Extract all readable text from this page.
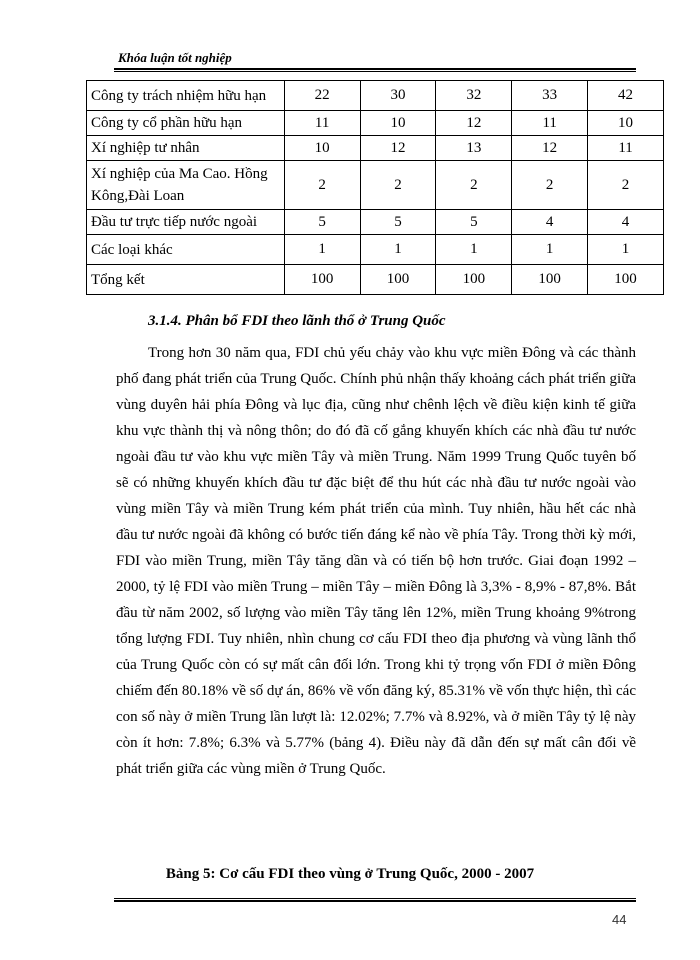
Khóa luận tốt nghiệp
Công ty trách nhiệm hữu hạn	22	30	32	33	42
Công ty cổ phần hữu hạn	11	10	12	11	10
Xí nghiệp tư nhân	10	12	13	12	11
Xí nghiệp của Ma Cao. Hồng Kông,Đài Loan	2	2	2	2	2
Đầu tư trực tiếp nước ngoài	5	5	5	4	4
Các loại khác	1	1	1	1	1
Tổng kết	100	100	100	100	100
3.1.4. Phân bổ FDI theo lãnh thổ ở Trung Quốc

Trong hơn 30 năm qua, FDI chủ yếu chảy vào khu vực miền Đông và các thành phố đang phát triển của Trung Quốc. Chính phủ nhận thấy khoảng cách phát triển giữa vùng duyên hải phía Đông và lục địa, cũng như chênh lệch về điều kiện kinh tế giữa khu vực thành thị và nông thôn; do đó đã cố gắng khuyến khích các nhà đầu tư nước ngoài đầu tư vào khu vực miền Tây và miền Trung. Năm 1999 Trung Quốc tuyên bố sẽ có những khuyến khích đầu tư đặc biệt để thu hút các nhà đầu tư nước ngoài vào vùng miền Tây và miền Trung kém phát triển của mình. Tuy nhiên, hầu hết các nhà đầu tư nước ngoài đã không có bước tiến đáng kể nào về phía Tây. Trong thời kỳ mới, FDI vào miền Trung, miền Tây tăng dần và có tiến bộ hơn trước. Giai đoạn 1992 – 2000, tỷ lệ FDI vào miền Trung – miền Tây – miền Đông là 3,3% - 8,9% - 87,8%. Bắt đầu từ năm 2002, số lượng vào miền Tây tăng lên 12%, miền Trung khoảng 9%trong tổng lượng FDI. Tuy nhiên, nhìn chung cơ cấu FDI theo địa phương và vùng lãnh thổ của Trung Quốc còn có sự mất cân đối lớn. Trong khi tỷ trọng vốn FDI ở miền Đông chiếm đến 80.18% về số dự án, 86% về vốn đăng ký, 85.31% về vốn thực hiện, thì các con số này ở miền Trung lần lượt là: 12.02%; 7.7% và 8.92%, và ở miền Tây tỷ lệ này còn ít hơn: 7.8%; 6.3% và 5.77% (bảng 4). Điều này đã dẫn đến sự mất cân đối về phát triển giữa các vùng miền ở Trung Quốc.

Bảng 5: Cơ cấu FDI theo vùng ở Trung Quốc, 2000 - 2007
44
